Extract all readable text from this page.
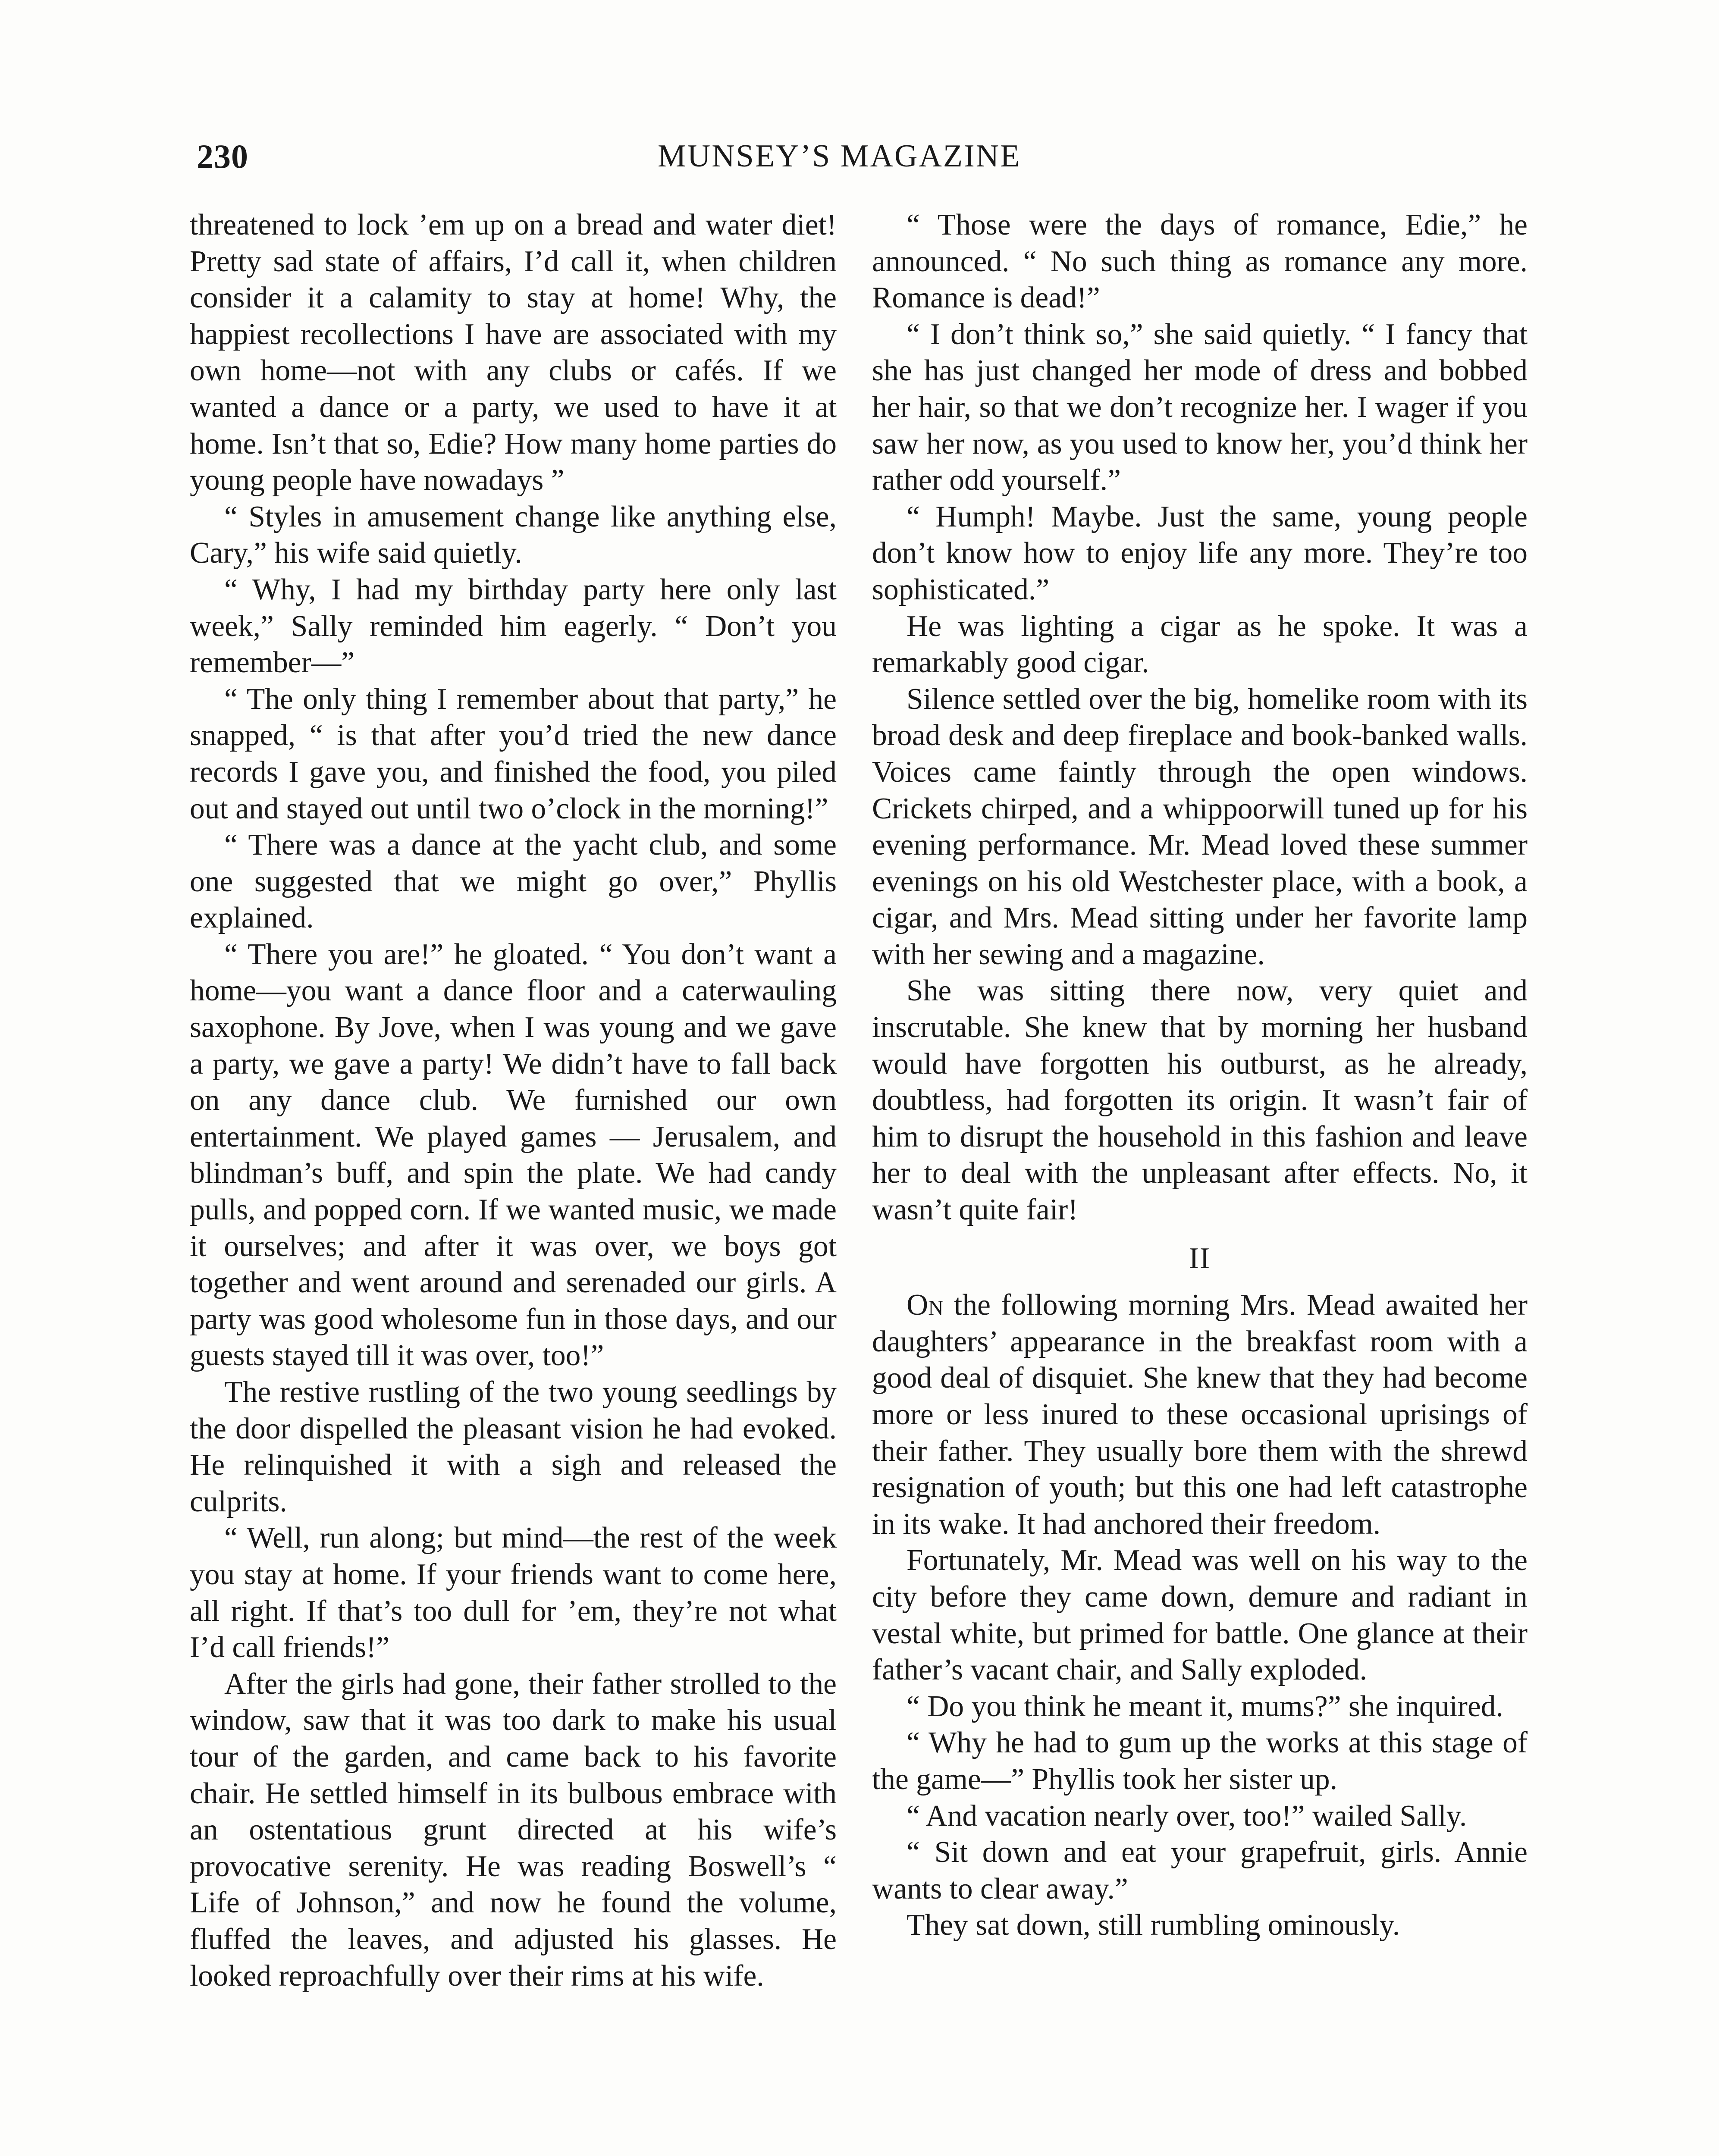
230	MUNSEY’S MAGAZINE

threatened to lock ’em up on a bread and water diet! Pretty sad state of affairs, I’d call it, when children consider it a calamity to stay at home! Why, the happiest recollections I have are associated with my own home—not with any clubs or cafés. If we wanted a dance or a party, we used to have it at home. Isn’t that so, Edie? How many home parties do young people have nowadays ”

“ Styles in amusement change like anything else, Cary,” his wife said quietly.

“ Why, I had my birthday party here only last week,” Sally reminded him eagerly. “ Don’t you remember—”

“ The only thing I remember about that party,” he snapped, “ is that after you’d tried the new dance records I gave you, and finished the food, you piled out and stayed out until two o’clock in the morning!”

“ There was a dance at the yacht club, and some one suggested that we might go over,” Phyllis explained.

“ There you are!” he gloated. “ You don’t want a home—you want a dance floor and a caterwauling saxophone. By Jove, when I was young and we gave a party, we gave a party! We didn’t have to fall back on any dance club. We furnished our own entertainment. We played games — Jerusalem, and blindman’s buff, and spin the plate. We had candy pulls, and popped corn. If we wanted music, we made it ourselves; and after it was over, we boys got together and went around and serenaded our girls. A party was good wholesome fun in those days, and our guests stayed till it was over, too!”

The restive rustling of the two young seedlings by the door dispelled the pleasant vision he had evoked. He relinquished it with a sigh and released the culprits.

“ Well, run along; but mind—the rest of the week you stay at home. If your friends want to come here, all right. If that’s too dull for ’em, they’re not what I’d call friends!”

After the girls had gone, their father strolled to the window, saw that it was too dark to make his usual tour of the garden, and came back to his favorite chair. He settled himself in its bulbous embrace with an ostentatious grunt directed at his wife’s provocative serenity. He was reading Boswell’s “ Life of Johnson,” and now he found the volume, fluffed the leaves, and adjusted his glasses. He looked reproachfully over their rims at his wife.

“ Those were the days of romance, Edie,” he announced. “ No such thing as romance any more. Romance is dead!”

“ I don’t think so,” she said quietly. “ I fancy that she has just changed her mode of dress and bobbed her hair, so that we don’t recognize her. I wager if you saw her now, as you used to know her, you’d think her rather odd yourself.”

“ Humph! Maybe. Just the same, young people don’t know how to enjoy life any more. They’re too sophisticated.”

He was lighting a cigar as he spoke. It was a remarkably good cigar.

Silence settled over the big, homelike room with its broad desk and deep fireplace and book-banked walls. Voices came faintly through the open windows. Crickets chirped, and a whippoorwill tuned up for his evening performance. Mr. Mead loved these summer evenings on his old Westchester place, with a book, a cigar, and Mrs. Mead sitting under her favorite lamp with her sewing and a magazine.

She was sitting there now, very quiet and inscrutable. She knew that by morning her husband would have forgotten his outburst, as he already, doubtless, had forgotten its origin. It wasn’t fair of him to disrupt the household in this fashion and leave her to deal with the unpleasant after effects. No, it wasn’t quite fair!

II

On the following morning Mrs. Mead awaited her daughters’ appearance in the breakfast room with a good deal of disquiet. She knew that they had become more or less inured to these occasional uprisings of their father. They usually bore them with the shrewd resignation of youth; but this one had left catastrophe in its wake. It had anchored their freedom.

Fortunately, Mr. Mead was well on his way to the city before they came down, demure and radiant in vestal white, but primed for battle. One glance at their father’s vacant chair, and Sally exploded.

“ Do you think he meant it, mums?” she inquired.

“ Why he had to gum up the works at this stage of the game—” Phyllis took her sister up.

“ And vacation nearly over, too!” wailed Sally.

“ Sit down and eat your grapefruit, girls. Annie wants to clear away.”

They sat down, still rumbling ominously.
